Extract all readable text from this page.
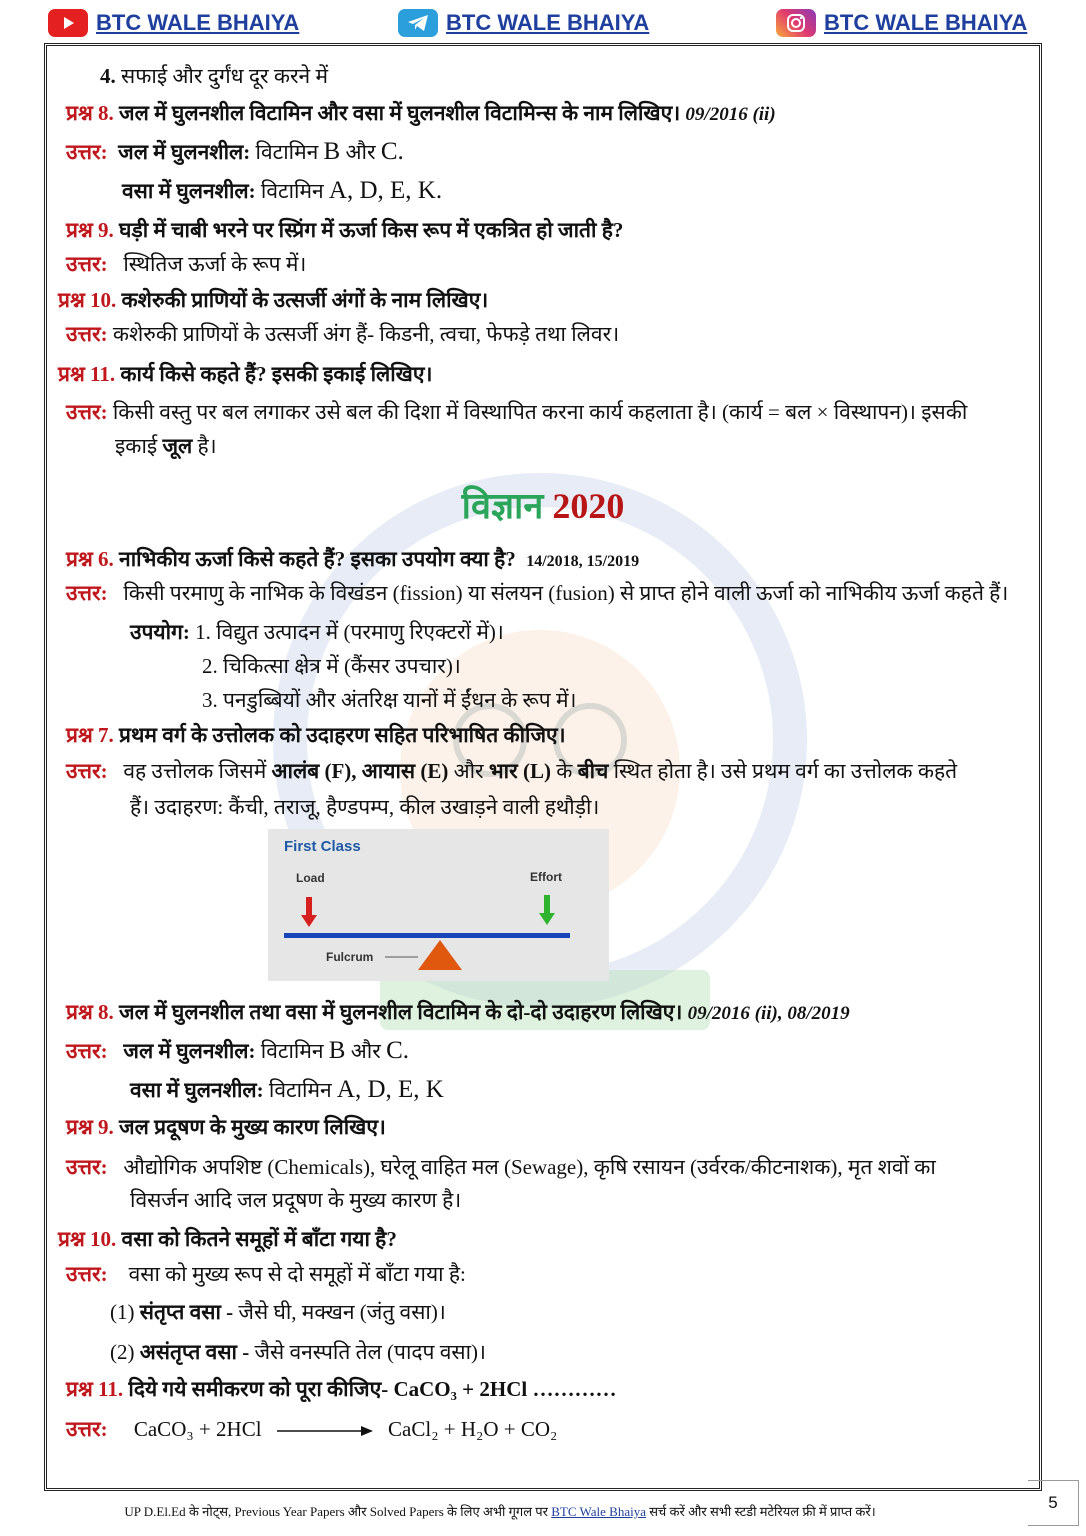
BTC WALE BHAIYA	BTC WALE BHAIYA	BTC WALE BHAIYA
4. सफाई और दुर्गंध दूर करने में
प्रश्न 8. जल में घुलनशील विटामिन और वसा में घुलनशील विटामिन्स के नाम लिखिए। 09/2016 (ii)
उत्तर: जल में घुलनशील: विटामिन B और C.
वसा में घुलनशील: विटामिन A, D, E, K.
प्रश्न 9. घड़ी में चाबी भरने पर स्प्रिंग में ऊर्जा किस रूप में एकत्रित हो जाती है?
उत्तर: स्थितिज ऊर्जा के रूप में।
प्रश्न 10. कशेरुकी प्राणियों के उत्सर्जी अंगों के नाम लिखिए।
उत्तर: कशेरुकी प्राणियों के उत्सर्जी अंग हैं- किडनी, त्वचा, फेफड़े तथा लिवर।
प्रश्न 11. कार्य किसे कहते हैं? इसकी इकाई लिखिए।
उत्तर: किसी वस्तु पर बल लगाकर उसे बल की दिशा में विस्थापित करना कार्य कहलाता है। (कार्य = बल × विस्थापन)। इसकी
इकाई जूल है।
विज्ञान 2020
प्रश्न 6. नाभिकीय ऊर्जा किसे कहते हैं? इसका उपयोग क्या है? 14/2018, 15/2019
उत्तर: किसी परमाणु के नाभिक के विखंडन (fission) या संलयन (fusion) से प्राप्त होने वाली ऊर्जा को नाभिकीय ऊर्जा कहते हैं।
उपयोग: 1. विद्युत उत्पादन में (परमाणु रिएक्टरों में)।
2. चिकित्सा क्षेत्र में (कैंसर उपचार)।
3. पनडुब्बियों और अंतरिक्ष यानों में ईंधन के रूप में।
प्रश्न 7. प्रथम वर्ग के उत्तोलक को उदाहरण सहित परिभाषित कीजिए।
उत्तर: वह उत्तोलक जिसमें आलंब (F), आयास (E) और भार (L) के बीच स्थित होता है। उसे प्रथम वर्ग का उत्तोलक कहते
हैं। उदाहरण: कैंची, तराजू, हैण्डपम्प, कील उखाड़ने वाली हथौड़ी।
First Class
Load	Effort
Fulcrum
प्रश्न 8. जल में घुलनशील तथा वसा में घुलनशील विटामिन के दो-दो उदाहरण लिखिए। 09/2016 (ii), 08/2019
उत्तर: जल में घुलनशील: विटामिन B और C.
वसा में घुलनशील: विटामिन A, D, E, K
प्रश्न 9. जल प्रदूषण के मुख्य कारण लिखिए।
उत्तर: औद्योगिक अपशिष्ट (Chemicals), घरेलू वाहित मल (Sewage), कृषि रसायन (उर्वरक/कीटनाशक), मृत शवों का
विसर्जन आदि जल प्रदूषण के मुख्य कारण है।
प्रश्न 10. वसा को कितने समूहों में बाँटा गया है?
उत्तर: वसा को मुख्य रूप से दो समूहों में बाँटा गया है:
(1) संतृप्त वसा - जैसे घी, मक्खन (जंतु वसा)।
(2) असंतृप्त वसा - जैसे वनस्पति तेल (पादप वसा)।
प्रश्न 11. दिये गये समीकरण को पूरा कीजिए- CaCO₃ + 2HCl …………
उत्तर: CaCO₃ + 2HCl	CaCl₂ + H₂O + CO₂
UP D.El.Ed के नोट्स, Previous Year Papers और Solved Papers के लिए अभी गूगल पर BTC Wale Bhaiya सर्च करें और सभी स्टडी मटेरियल फ्री में प्राप्त करें।	5
